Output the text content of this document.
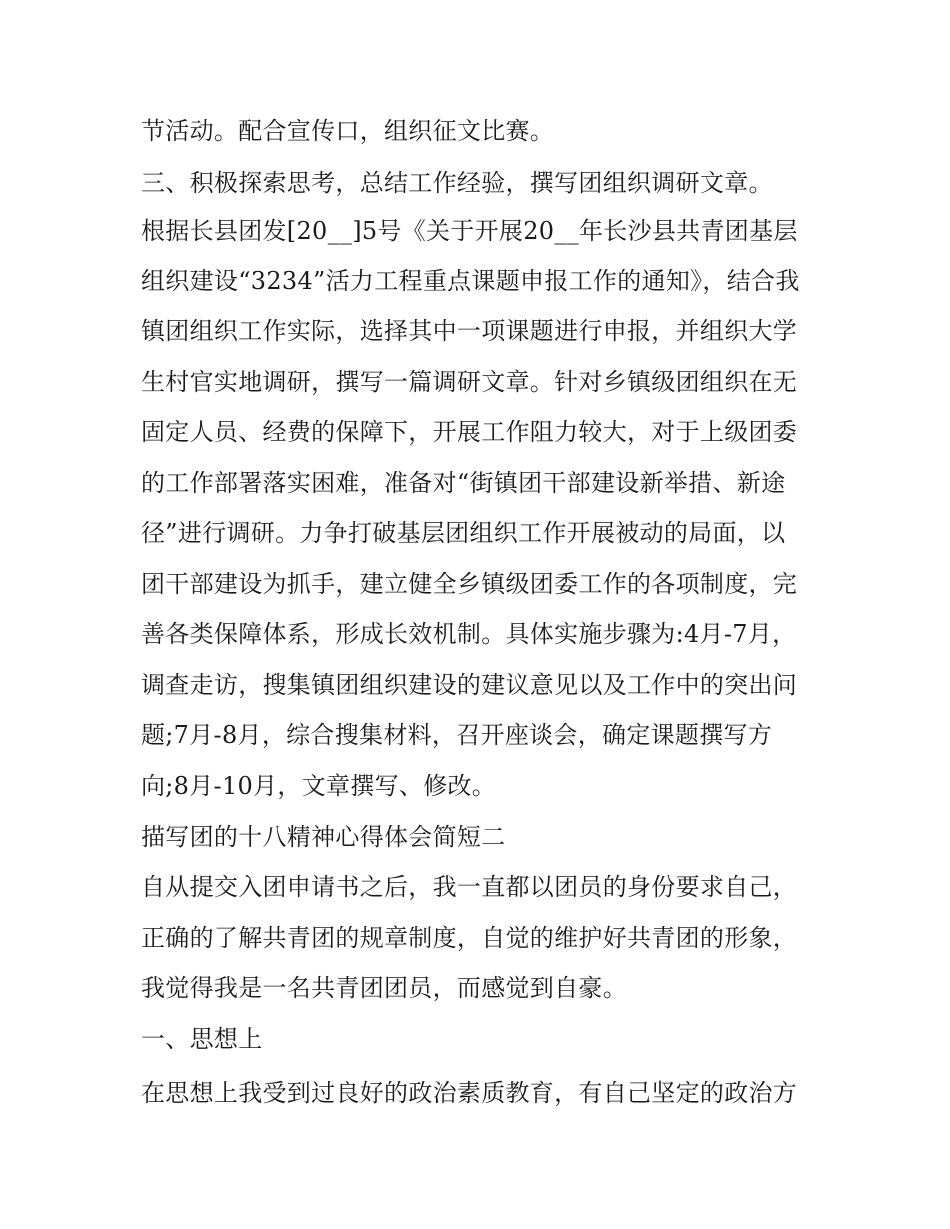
节活动。配合宣传口，组织征文比赛。
三、积极探索思考，总结工作经验，撰写团组织调研文章。
根据长县团发[20__]5号《关于开展20__年长沙县共青团基层
组织建设“3234”活力工程重点课题申报工作的通知》，结合我
镇团组织工作实际，选择其中一项课题进行申报，并组织大学
生村官实地调研，撰写一篇调研文章。针对乡镇级团组织在无
固定人员、经费的保障下，开展工作阻力较大，对于上级团委
的工作部署落实困难，准备对“街镇团干部建设新举措、新途
径”进行调研。力争打破基层团组织工作开展被动的局面，以
团干部建设为抓手，建立健全乡镇级团委工作的各项制度，完
善各类保障体系，形成长效机制。具体实施步骤为:4月-7月，
调查走访，搜集镇团组织建设的建议意见以及工作中的突出问
题;7月-8月，综合搜集材料，召开座谈会，确定课题撰写方
向;8月-10月，文章撰写、修改。
描写团的十八精神心得体会简短二
自从提交入团申请书之后，我一直都以团员的身份要求自己，
正确的了解共青团的规章制度，自觉的维护好共青团的形象，
我觉得我是一名共青团团员，而感觉到自豪。
一、思想上
在思想上我受到过良好的政治素质教育，有自己坚定的政治方
